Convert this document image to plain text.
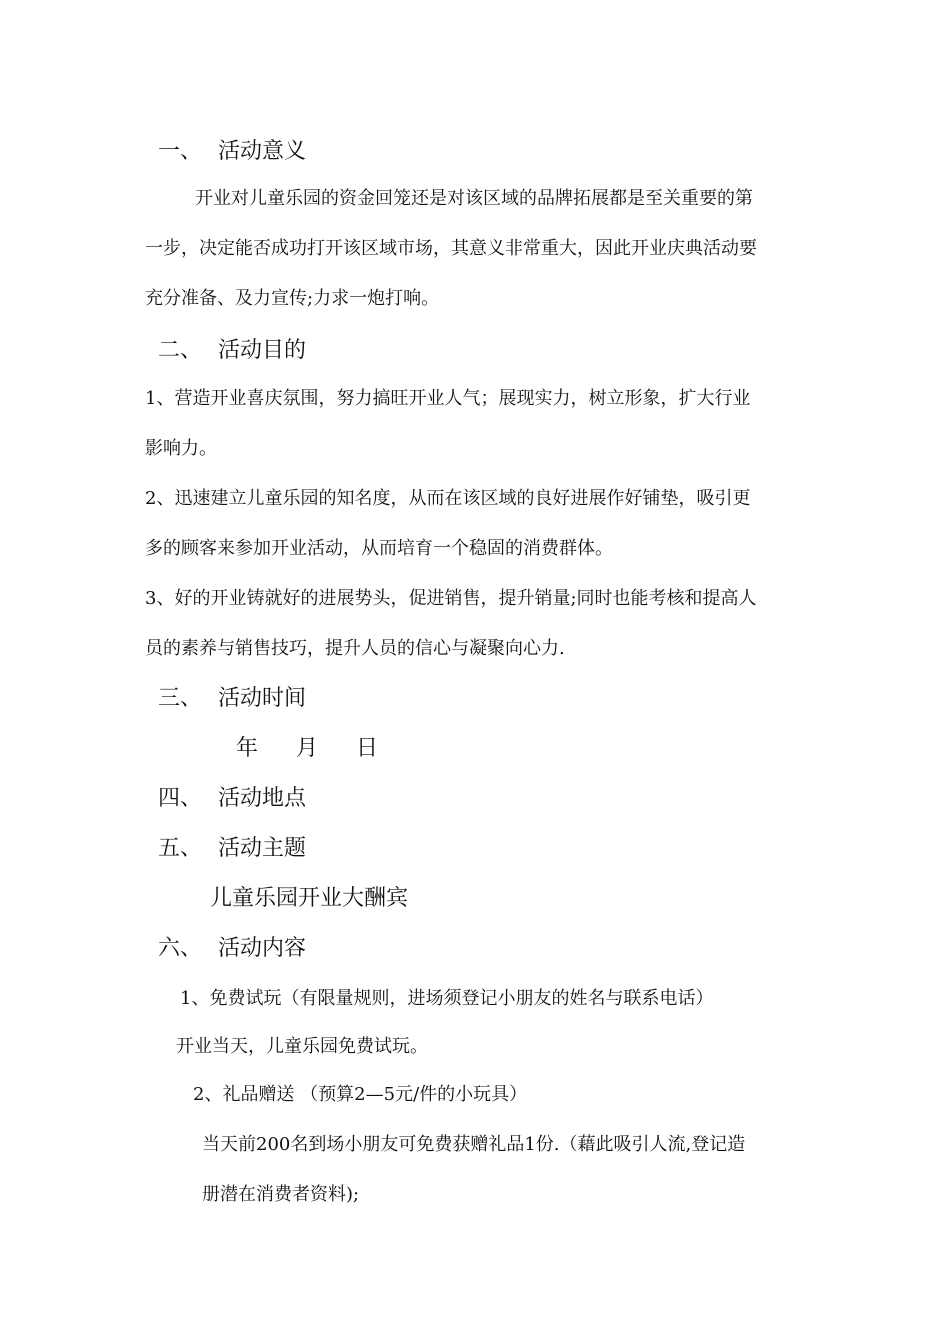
一、 活动意义
开业对儿童乐园的资金回笼还是对该区域的品牌拓展都是至关重要的第
一步，决定能否成功打开该区域市场，其意义非常重大，因此开业庆典活动要
充分准备、及力宣传;力求一炮打响。
二、 活动目的
1、营造开业喜庆氛围，努力搞旺开业人气；展现实力，树立形象，扩大行业
影响力。
2、迅速建立儿童乐园的知名度，从而在该区域的良好进展作好铺垫，吸引更
多的顾客来参加开业活动，从而培育一个稳固的消费群体。
3、好的开业铸就好的进展势头，促进销售，提升销量;同时也能考核和提高人
员的素养与销售技巧，提升人员的信心与凝聚向心力.
三、 活动时间
年 月 日
四、 活动地点
五、 活动主题
儿童乐园开业大酬宾
六、 活动内容
1、免费试玩（有限量规则，进场须登记小朋友的姓名与联系电话）
开业当天，儿童乐园免费试玩。
2、礼品赠送 （预算2—5元/件的小玩具）
当天前200名到场小朋友可免费获赠礼品1份.（藉此吸引人流,登记造
册潜在消费者资料);
